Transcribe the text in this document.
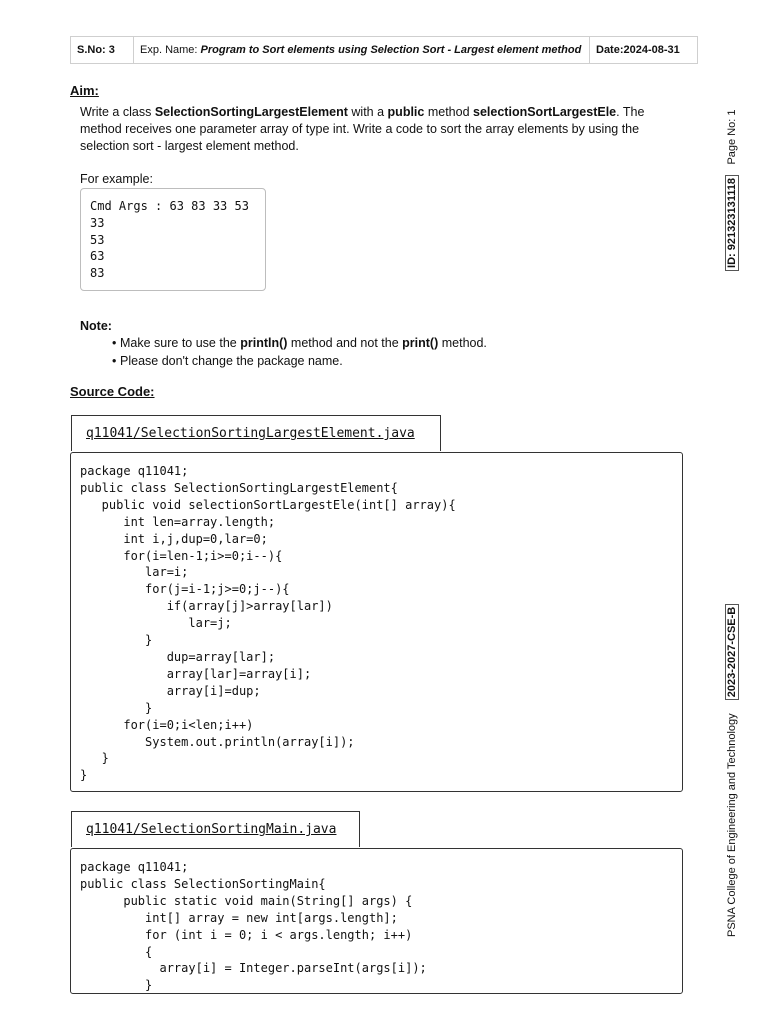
S.No: 3	Exp. Name:
Program to Sort elements using Selection Sort - Largest element method	Date:2024-08-31
Aim:
Write a class SelectionSortingLargestElement with a public method selectionSortLargestEle. The method receives one parameter array of type int. Write a code to sort the array elements by using the selection sort - largest element method.
For example:
Cmd Args : 63 83 33 53
33
53
63
83
Note:
• Make sure to use the println() method and not the print() method.
• Please don't change the package name.
Source Code:
q11041/SelectionSortingLargestElement.java
package q11041;
public class SelectionSortingLargestElement{
public void selectionSortLargestEle(int[] array){
int len=array.length;
int i,j,dup=0,lar=0;
for(i=len-1;i>=0;i--){
lar=i;
for(j=i-1;j>=0;j--){
if(array[j]>array[lar])
lar=j;
}
dup=array[lar];
array[lar]=array[i];
array[i]=dup;
}
for(i=0;i<len;i++)
System.out.println(array[i]);
}
}
q11041/SelectionSortingMain.java
package q11041;
public class SelectionSortingMain{
public static void main(String[] args) {
int[] array = new int[args.length];
for (int i = 0; i < args.length; i++)
{
array[i] = Integer.parseInt(args[i]);
}
Page No: 1
ID: 921323131118
2023-2027-CSE-B
PSNA College of Engineering and Technology
